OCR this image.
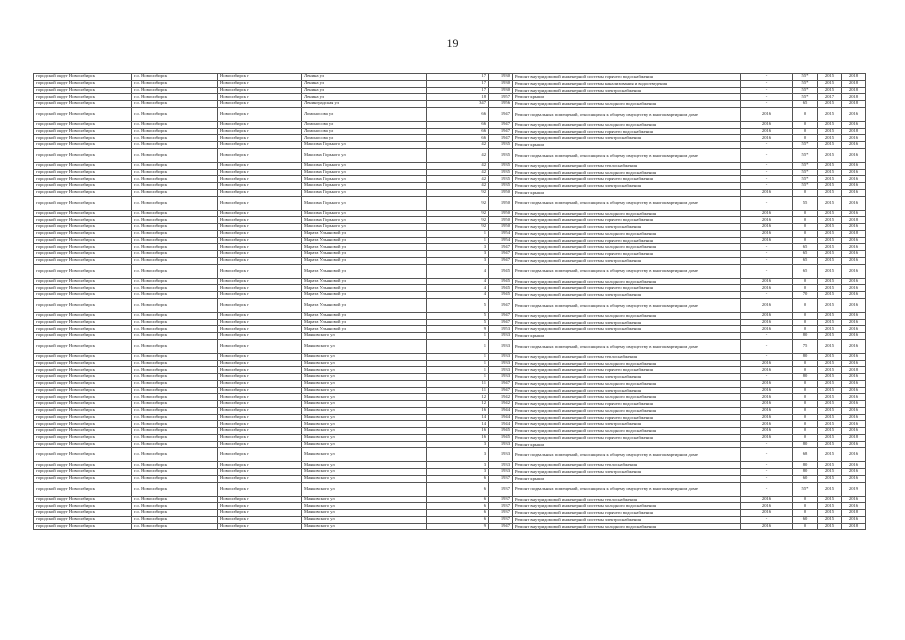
19
городской округ Новосибирск	г.о. Новосибирск	Новосибирск г	Ленина ул	17	1930	Ремонт внутридомовой инженерной системы горячего водоснабжения	-	55*	2015	2018
городской округ Новосибирск	г.о. Новосибирск	Новосибирск г	Ленина ул	17	1930	Ремонт внутридомовой инженерной системы канализования и водоотведения	-	55*	2015	2018
городской округ Новосибирск	г.о. Новосибирск	Новосибирск г	Ленина ул	17	1930	Ремонт внутридомовой инженерной системы электроснабжения	-	55*	2015	2018
городской округ Новосибирск	г.о. Новосибирск	Новосибирск г	Ленина ул	18	1957	Ремонт крыши	-	55*	2017	2018
городской округ Новосибирск	г.о. Новосибирск	Новосибирск г	Ленинградская ул	347	1956	Ремонт внутридомовой инженерной системы холодного водоснабжения	-	65	2015	2018
городской округ Новосибирск	г.о. Новосибирск	Новосибирск г	Ломоносова ул	66	1947	Ремонт подвальных помещений, относящихся к общему имуществу в многоквартирном доме	2016	0	2015	2016
городской округ Новосибирск	г.о. Новосибирск	Новосибирск г	Ломоносова ул	66	1947	Ремонт внутридомовой инженерной системы холодного водоснабжения	2016	0	2015	2016
городской округ Новосибирск	г.о. Новосибирск	Новосибирск г	Ломоносова ул	66	1947	Ремонт внутридомовой инженерной системы горячего водоснабжения	2016	0	2015	2018
городской округ Новосибирск	г.о. Новосибирск	Новосибирск г	Ломоносова ул	66	1947	Ремонт внутридомовой инженерной системы электроснабжения	2016	0	2015	2016
городской округ Новосибирск	г.о. Новосибирск	Новосибирск г	Максима Горького ул	42	1935	Ремонт крыши	-	55*	2015	2016
городской округ Новосибирск	г.о. Новосибирск	Новосибирск г	Максима Горького ул	42	1935	Ремонт подвальных помещений, относящихся к общему имуществу в многоквартирном доме	-	55*	2015	2016
городской округ Новосибирск	г.о. Новосибирск	Новосибирск г	Максима Горького ул	42	1935	Ремонт внутридомовой инженерной системы теплоснабжения	-	55*	2015	2016
городской округ Новосибирск	г.о. Новосибирск	Новосибирск г	Максима Горького ул	42	1935	Ремонт внутридомовой инженерной системы холодного водоснабжения	-	55*	2015	2016
городской округ Новосибирск	г.о. Новосибирск	Новосибирск г	Максима Горького ул	42	1935	Ремонт внутридомовой инженерной системы горячего водоснабжения	-	55*	2015	2016
городской округ Новосибирск	г.о. Новосибирск	Новосибирск г	Максима Горького ул	42	1935	Ремонт внутридомовой инженерной системы электроснабжения	-	55*	2015	2016
городской округ Новосибирск	г.о. Новосибирск	Новосибирск г	Максима Горького ул	92	1950	Ремонт крыши	2016	0	2015	2016
городской округ Новосибирск	г.о. Новосибирск	Новосибирск г	Максима Горького ул	92	1950	Ремонт подвальных помещений, относящихся к общему имуществу в многоквартирном доме	-	55	2015	2016
городской округ Новосибирск	г.о. Новосибирск	Новосибирск г	Максима Горького ул	92	1950	Ремонт внутридомовой инженерной системы холодного водоснабжения	2016	0	2015	2016
городской округ Новосибирск	г.о. Новосибирск	Новосибирск г	Максима Горького ул	92	1950	Ремонт внутридомовой инженерной системы горячего водоснабжения	2016	0	2015	2018
городской округ Новосибирск	г.о. Новосибирск	Новосибирск г	Максима Горького ул	92	1950	Ремонт внутридомовой инженерной системы электроснабжения	2016	0	2015	2016
городской округ Новосибирск	г.о. Новосибирск	Новосибирск г	Марата Ульяновой ул	1	1954	Ремонт внутридомовой инженерной системы холодного водоснабжения	2016	0	2015	2018
городской округ Новосибирск	г.о. Новосибирск	Новосибирск г	Марата Ульяновой ул	1	1954	Ремонт внутридомовой инженерной системы горячего водоснабжения	2016	0	2015	2016
городской округ Новосибирск	г.о. Новосибирск	Новосибирск г	Марата Ульяновой ул	3	1947	Ремонт внутридомовой инженерной системы холодного водоснабжения	-	65	2015	2016
городской округ Новосибирск	г.о. Новосибирск	Новосибирск г	Марата Ульяновой ул	3	1947	Ремонт внутридомовой инженерной системы горячего водоснабжения	-	65	2015	2016
городской округ Новосибирск	г.о. Новосибирск	Новосибирск г	Марата Ульяновой ул	3	1947	Ремонт внутридомовой инженерной системы электроснабжения	-	65	2015	2016
городской округ Новосибирск	г.о. Новосибирск	Новосибирск г	Марата Ульяновой ул	4	1945	Ремонт подвальных помещений, относящихся к общему имуществу в многоквартирном доме	-	65	2015	2016
городской округ Новосибирск	г.о. Новосибирск	Новосибирск г	Марата Ульяновой ул	4	1945	Ремонт внутридомовой инженерной системы холодного водоснабжения	2016	0	2015	2016
городской округ Новосибирск	г.о. Новосибирск	Новосибирск г	Марата Ульяновой ул	4	1945	Ремонт внутридомовой инженерной системы горячего водоснабжения	2016	0	2015	2016
городской округ Новосибирск	г.о. Новосибирск	Новосибирск г	Марата Ульяновой ул	4	1945	Ремонт внутридомовой инженерной системы электроснабжения	-	70	2015	2016
городской округ Новосибирск	г.о. Новосибирск	Новосибирск г	Марата Ульяновой ул	5	1947	Ремонт подвальных помещений, относящихся к общему имуществу в многоквартирном доме	2016	0	2015	2016
городской округ Новосибирск	г.о. Новосибирск	Новосибирск г	Марата Ульяновой ул	5	1947	Ремонт внутридомовой инженерной системы холодного водоснабжения	2016	0	2015	2016
городской округ Новосибирск	г.о. Новосибирск	Новосибирск г	Марата Ульяновой ул	5	1947	Ремонт внутридомовой инженерной системы электроснабжения	2016	0	2015	2016
городской округ Новосибирск	г.о. Новосибирск	Новосибирск г	Марата Ульяновой ул	9	1953	Ремонт внутридомовой инженерной системы электроснабжения	2016	0	2015	2016
городской округ Новосибирск	г.о. Новосибирск	Новосибирск г	Маяковского ул	1	1933	Ремонт крыши	-	80	2015	2016
городской округ Новосибирск	г.о. Новосибирск	Новосибирск г	Маяковского ул	1	1933	Ремонт подвальных помещений, относящихся к общему имуществу в многоквартирном доме	-	75	2015	2016
городской округ Новосибирск	г.о. Новосибирск	Новосибирск г	Маяковского ул	1	1933	Ремонт внутридомовой инженерной системы теплоснабжения	-	80	2015	2016
городской округ Новосибирск	г.о. Новосибирск	Новосибирск г	Маяковского ул	1	1933	Ремонт внутридомовой инженерной системы холодного водоснабжения	2016	0	2015	2016
городской округ Новосибирск	г.о. Новосибирск	Новосибирск г	Маяковского ул	1	1933	Ремонт внутридомовой инженерной системы горячего водоснабжения	2016	0	2015	2018
городской округ Новосибирск	г.о. Новосибирск	Новосибирск г	Маяковского ул	1	1933	Ремонт внутридомовой инженерной системы электроснабжения	-	80	2015	2016
городской округ Новосибирск	г.о. Новосибирск	Новосибирск г	Маяковского ул	11	1947	Ремонт внутридомовой инженерной системы холодного водоснабжения	2016	0	2015	2016
городской округ Новосибирск	г.о. Новосибирск	Новосибирск г	Маяковского ул	11	1947	Ремонт внутридомовой инженерной системы электроснабжения	2016	0	2015	2016
городской округ Новосибирск	г.о. Новосибирск	Новосибирск г	Маяковского ул	12	1942	Ремонт внутридомовой инженерной системы холодного водоснабжения	2016	0	2015	2016
городской округ Новосибирск	г.о. Новосибирск	Новосибирск г	Маяковского ул	12	1942	Ремонт внутридомовой инженерной системы горячего водоснабжения	2016	0	2015	2016
городской округ Новосибирск	г.о. Новосибирск	Новосибирск г	Маяковского ул	16	1944	Ремонт внутридомовой инженерной системы холодного водоснабжения	2016	0	2015	2016
городской округ Новосибирск	г.о. Новосибирск	Новосибирск г	Маяковского ул	14	1944	Ремонт внутридомовой инженерной системы горячего водоснабжения	2016	0	2015	2016
городской округ Новосибирск	г.о. Новосибирск	Новосибирск г	Маяковского ул	14	1944	Ремонт внутридомовой инженерной системы электроснабжения	2016	0	2015	2016
городской округ Новосибирск	г.о. Новосибирск	Новосибирск г	Маяковского ул	16	1945	Ремонт внутридомовой инженерной системы холодного водоснабжения	2016	0	2015	2016
городской округ Новосибирск	г.о. Новосибирск	Новосибирск г	Маяковского ул	16	1945	Ремонт внутридомовой инженерной системы горячего водоснабжения	2016	0	2015	2018
городской округ Новосибирск	г.о. Новосибирск	Новосибирск г	Маяковского ул	3	1933	Ремонт крыши	-	80	2015	2016
городской округ Новосибирск	г.о. Новосибирск	Новосибирск г	Маяковского ул	3	1933	Ремонт подвальных помещений, относящихся к общему имуществу в многоквартирном доме	-	68	2015	2016
городской округ Новосибирск	г.о. Новосибирск	Новосибирск г	Маяковского ул	3	1933	Ремонт внутридомовой инженерной системы теплоснабжения	-	80	2015	2016
городской округ Новосибирск	г.о. Новосибирск	Новосибирск г	Маяковского ул	3	1933	Ремонт внутридомовой инженерной системы электроснабжения	-	80	2015	2016
городской округ Новосибирск	г.о. Новосибирск	Новосибирск г	Маяковского ул	6	1937	Ремонт крыши	-	60	2015	2016
городской округ Новосибирск	г.о. Новосибирск	Новосибирск г	Маяковского ул	6	1937	Ремонт подвальных помещений, относящихся к общему имуществу в многоквартирном доме	-	55*	2015	2019
городской округ Новосибирск	г.о. Новосибирск	Новосибирск г	Маяковского ул	6	1937	Ремонт внутридомовой инженерной системы теплоснабжения	2016	0	2015	2016
городской округ Новосибирск	г.о. Новосибирск	Новосибирск г	Маяковского ул	6	1937	Ремонт внутридомовой инженерной системы холодного водоснабжения	2016	0	2015	2016
городской округ Новосибирск	г.о. Новосибирск	Новосибирск г	Маяковского ул	6	1937	Ремонт внутридомовой инженерной системы горячего водоснабжения	2016	0	2015	2018
городской округ Новосибирск	г.о. Новосибирск	Новосибирск г	Маяковского ул	6	1937	Ремонт внутридомовой инженерной системы электроснабжения	-	60	2015	2016
городской округ Новосибирск	г.о. Новосибирск	Новосибирск г	Маяковского ул	9	1947	Ремонт внутридомовой инженерной системы холодного водоснабжения	2016	0	2015	2018
